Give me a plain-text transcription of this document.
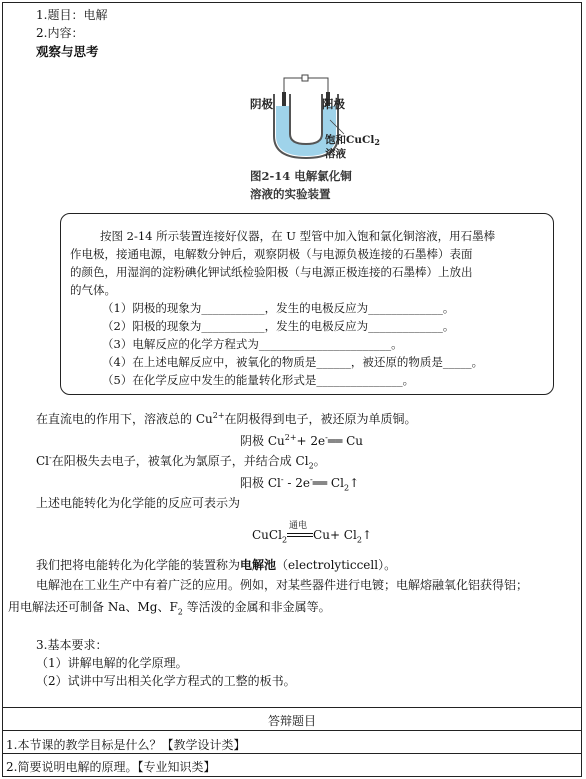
1.题目：电解
2.内容：
观察与思考
阴极	阳极
饱和CuCl2
溶液
图2-14 电解氯化铜
溶液的实验装置
按图 2-14 所示装置连接好仪器，在 U 型管中加入饱和氯化铜溶液，用石墨棒
作电极，接通电源，电解数分钟后，观察阴极（与电源负极连接的石墨棒）表面
的颜色，用湿润的淀粉碘化钾试纸检验阳极（与电源正极连接的石墨棒）上放出
的气体。
（1）阴极的现象为___________，发生的电极反应为_____________。
（2）阳极的现象为___________，发生的电极反应为_____________。
（3）电解反应的化学方程式为_______________________。
（4）在上述电解反应中，被氧化的物质是______，被还原的物质是_____。
（5）在化学反应中发生的能量转化形式是_______________。
在直流电的作用下，溶液总的 $Cu^{2+}$在阴极得到电子，被还原为单质铜。
阴极 $Cu^{2+}+$ 2e-══ Cu
Cl-在阳极失去电子，被氧化为氯原子，并结合成 $Cl_2$。
阳极 Cl- - 2e-══ $Cl_2↑$
上述电能转化为化学能的反应可表示为
CuCl$_2$
通电
$Cu+ Cl_2↑$
我们把将电能转化为化学能的装置称为电解池（electrolyticcell）。
电解池在工业生产中有着广泛的应用。例如，对某些器件进行电镀；电解熔融氧化铝获得铝；
用电解法还可制备 Na、Mg、$F_2$ 等活泼的金属和非金属等。
3.基本要求：
（1）讲解电解的化学原理。
（2）试讲中写出相关化学方程式的工整的板书。
答辩题目
1.本节课的教学目标是什么？【教学设计类】
2.简要说明电解的原理。【专业知识类】
